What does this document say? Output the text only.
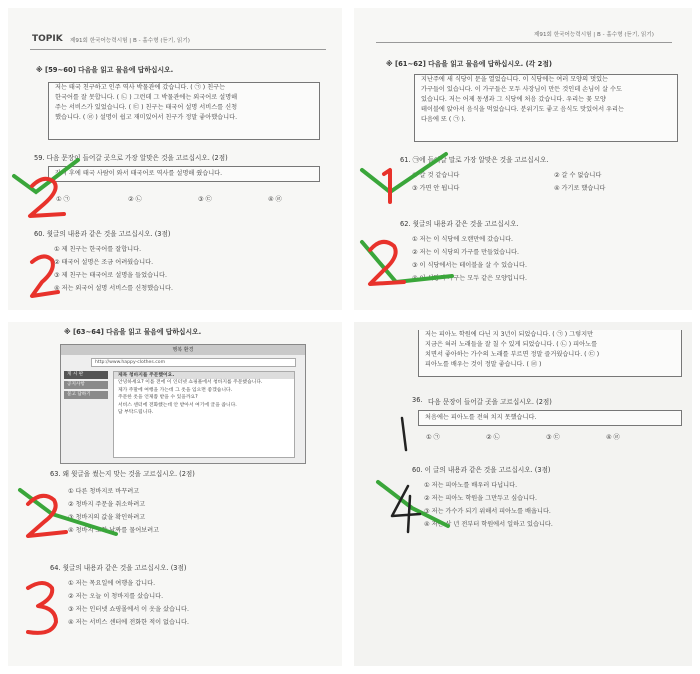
TOPIK 제91회 한국어능력시험 | B - 홀수형 (듣기, 읽기)
※ [59~60] 다음을 읽고 물음에 답하십시오.
저는 태국 친구하고 인주 역사 박물관에 갔습니다. ( ㉠ ) 친구는
한국어를 잘 못합니다. ( ㉡ ) 그런데 그 박물관에는 외국어로 설명해
주는 서비스가 있었습니다. ( ㉢ ) 친구는 태국어 설명 서비스를 신청
했습니다. ( ㉣ ) 설명이 쉽고 재미있어서 친구가 정말 좋아했습니다.
59. 다음 문장이 들어갈 곳으로 가장 알맞은 것을 고르십시오. (2점)
잠시 후에 태국 사람이 와서 태국어로 역사를 설명해 줬습니다.
① ㉠	② ㉡	③ ㉢	④ ㉣
60. 윗글의 내용과 같은 것을 고르십시오. (3점)
① 제 친구는 한국어를 잘합니다.
② 태국어 설명은 조금 어려웠습니다.
③ 제 친구는 태국어로 설명을 들었습니다.
④ 저는 외국어 설명 서비스를 신청했습니다.
제91회 한국어능력시험 | B - 홀수형 (듣기, 읽기)
※ [61~62] 다음을 읽고 물음에 답하십시오. (각 2점)
지난주에 새 식당이 문을 열었습니다. 이 식당에는 여러 모양의 멋있는
가구들이 있습니다. 이 가구들은 모두 사장님이 만든 것인데 손님이 살 수도
있습니다. 저는 어제 동생과 그 식당에 처음 갔습니다. 우리는 꽃 모양
테이블에 앉아서 음식을 먹었습니다. 분위기도 좋고 음식도 맛있어서 우리는
다음에 또 ( ㉠ ).
61. ㉠에 들어갈 말로 가장 알맞은 것을 고르십시오.
① 갈 것 같습니다	② 갈 수 없습니다
③ 가면 안 됩니다	④ 가기로 했습니다
62. 윗글의 내용과 같은 것을 고르십시오.
① 저는 이 식당에 오랜만에 갔습니다.
② 저는 이 식당의 가구를 만들었습니다.
③ 이 식당에서는 테이블을 살 수 있습니다.
④ 이 식당의 가구는 모두 같은 모양입니다.
※ [63~64] 다음을 읽고 물음에 답하십시오.
행복 환경
http://www.happy-clothes.com
게 시 판
공지사항
묻고 답하기
제목 청바지를 주문했어요.
안녕하세요? 이틀 전에 이 인터넷 쇼핑몰에서 청바지를 주문했습니다.
제가 주말에 여행을 가는데 그 옷을 입으면 좋겠습니다.
주문한 옷을 언제쯤 받을 수 있을까요?
서비스 센터에 전화했는데 안 받아서 여기에 글을 씁니다.
답 부탁드립니다.
63. 왜 윗글을 썼는지 맞는 것을 고르십시오. (2점)
① 다른 청바지로 바꾸려고
② 청바지 주문을 취소하려고
③ 청바지의 값을 확인하려고
④ 청바지 도착 날짜를 물어보려고
64. 윗글의 내용과 같은 것을 고르십시오. (3점)
① 저는 목요일에 여행을 갑니다.
② 저는 오늘 이 청바지를 샀습니다.
③ 저는 인터넷 쇼핑몰에서 이 옷을 샀습니다.
④ 저는 서비스 센터에 전화한 적이 없습니다.
저는 피아노 학원에 다닌 지 3년이 되었습니다. ( ㉠ ) 그렇지만
지금은 혀러 노래들을 잘 칠 수 있게 되었습니다. ( ㉡ ) 피아노를
치면서 좋아하는 가수의 노래를 부르면 정말 즐거웠습니다. ( ㉢ )
피아노를 배우는 것이 정말 좋습니다. ( ㉣ )
36. 다음 문장이 들어갈 곳을 고르십시오. (2점)
처음에는 피아노를 전혀 치지 못했습니다.
① ㉠	② ㉡	③ ㉢	④ ㉣
60. 이 글의 내용과 같은 것을 고르십시오. (3점)
① 저는 피아노를 배우러 다닙니다.
② 저는 피아노 학원을 그만두고 싶습니다.
③ 저는 가수가 되기 위해서 피아노를 배웁니다.
④ 저는 삼 년 전부터 학원에서 일하고 있습니다.
